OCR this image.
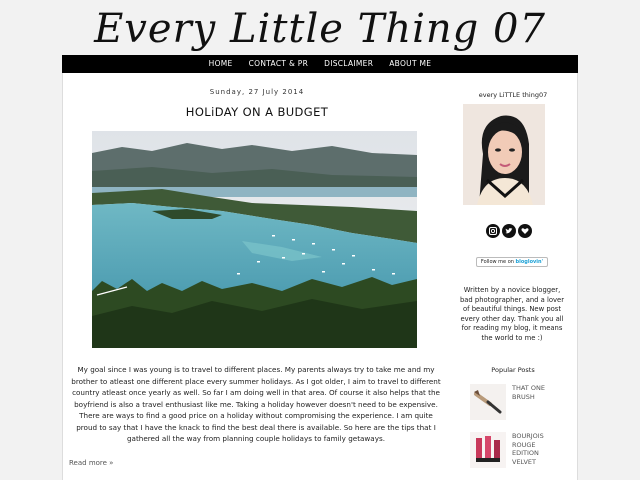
Every Little Thing 07
HOME	CONTACT & PR	DISCLAIMER	ABOUT ME
Sunday, 27 July 2014
HOLiDAY ON A BUDGET
My goal since I was young is to travel to different places. My parents always try to take me and my brother to atleast one different place every summer holidays. As I got older, I aim to travel to different country atleast once yearly as well. So far I am doing well in that area. Of course it also helps that the boyfriend is also a travel enthusiast like me. Taking a holiday however doesn't need to be expensive. There are ways to find a good price on a holiday without compromising the experience. I am quite proud to say that I have the knack to find the best deal there is available. So here are the tips that I gathered all the way from planning couple holidays to family getaways.
Read more »
every LiTTLE thing07
Follow me on bloglovin'
Written by a novice blogger, bad photographer, and a lover of beautiful things. New post every other day. Thank you all for reading my blog, it means the world to me :)
Popular Posts
THAT ONE BRUSH
BOURJOIS ROUGE EDITION VELVET
